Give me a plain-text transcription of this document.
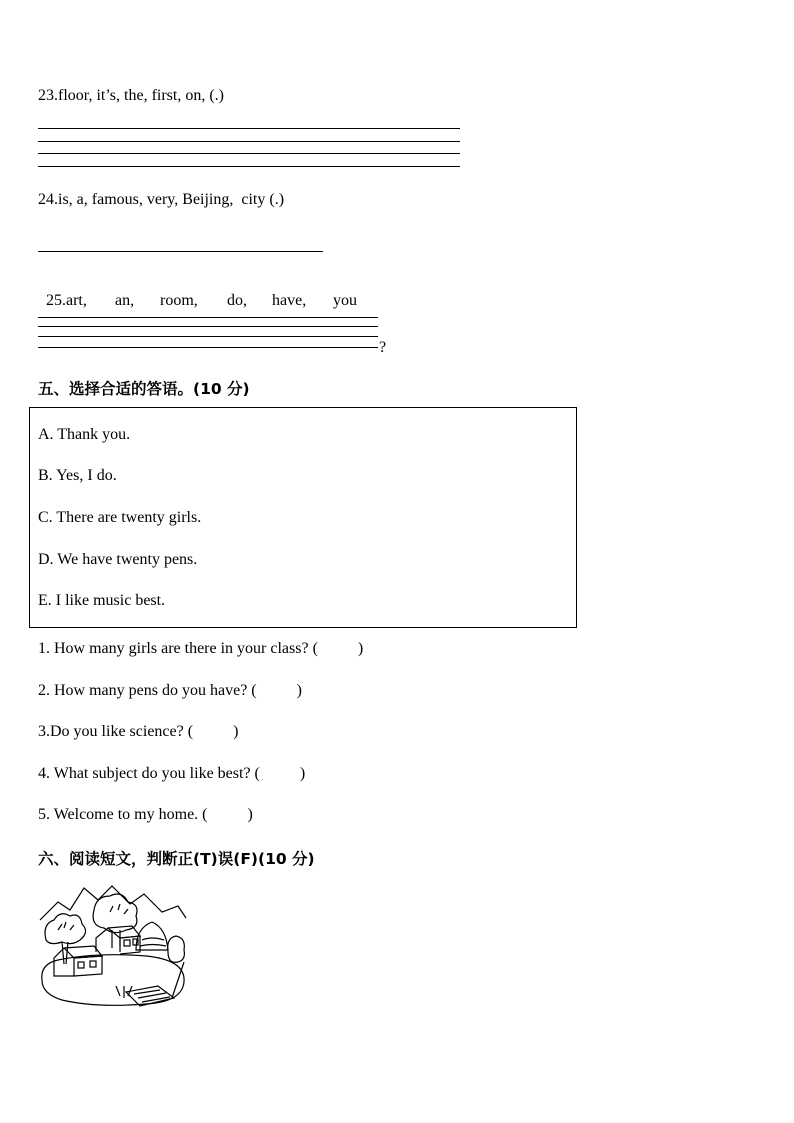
23.floor, it’s, the, first, on, (.)
24.is, a, famous, very, Beijing,  city (.)

25.art, an, room, do, have, you

?
五、选择合适的答语。(10 分)
A. Thank you.
B. Yes, I do.
C. There are twenty girls.
D. We have twenty pens.
E. I like music best.
1. How many girls are there in your class? (          )
2. How many pens do you have? (          )
3.Do you like science? (          )
4. What subject do you like best? (          )
5. Welcome to my home. (          )
六、阅读短文，判断正(T)误(F)(10 分)
